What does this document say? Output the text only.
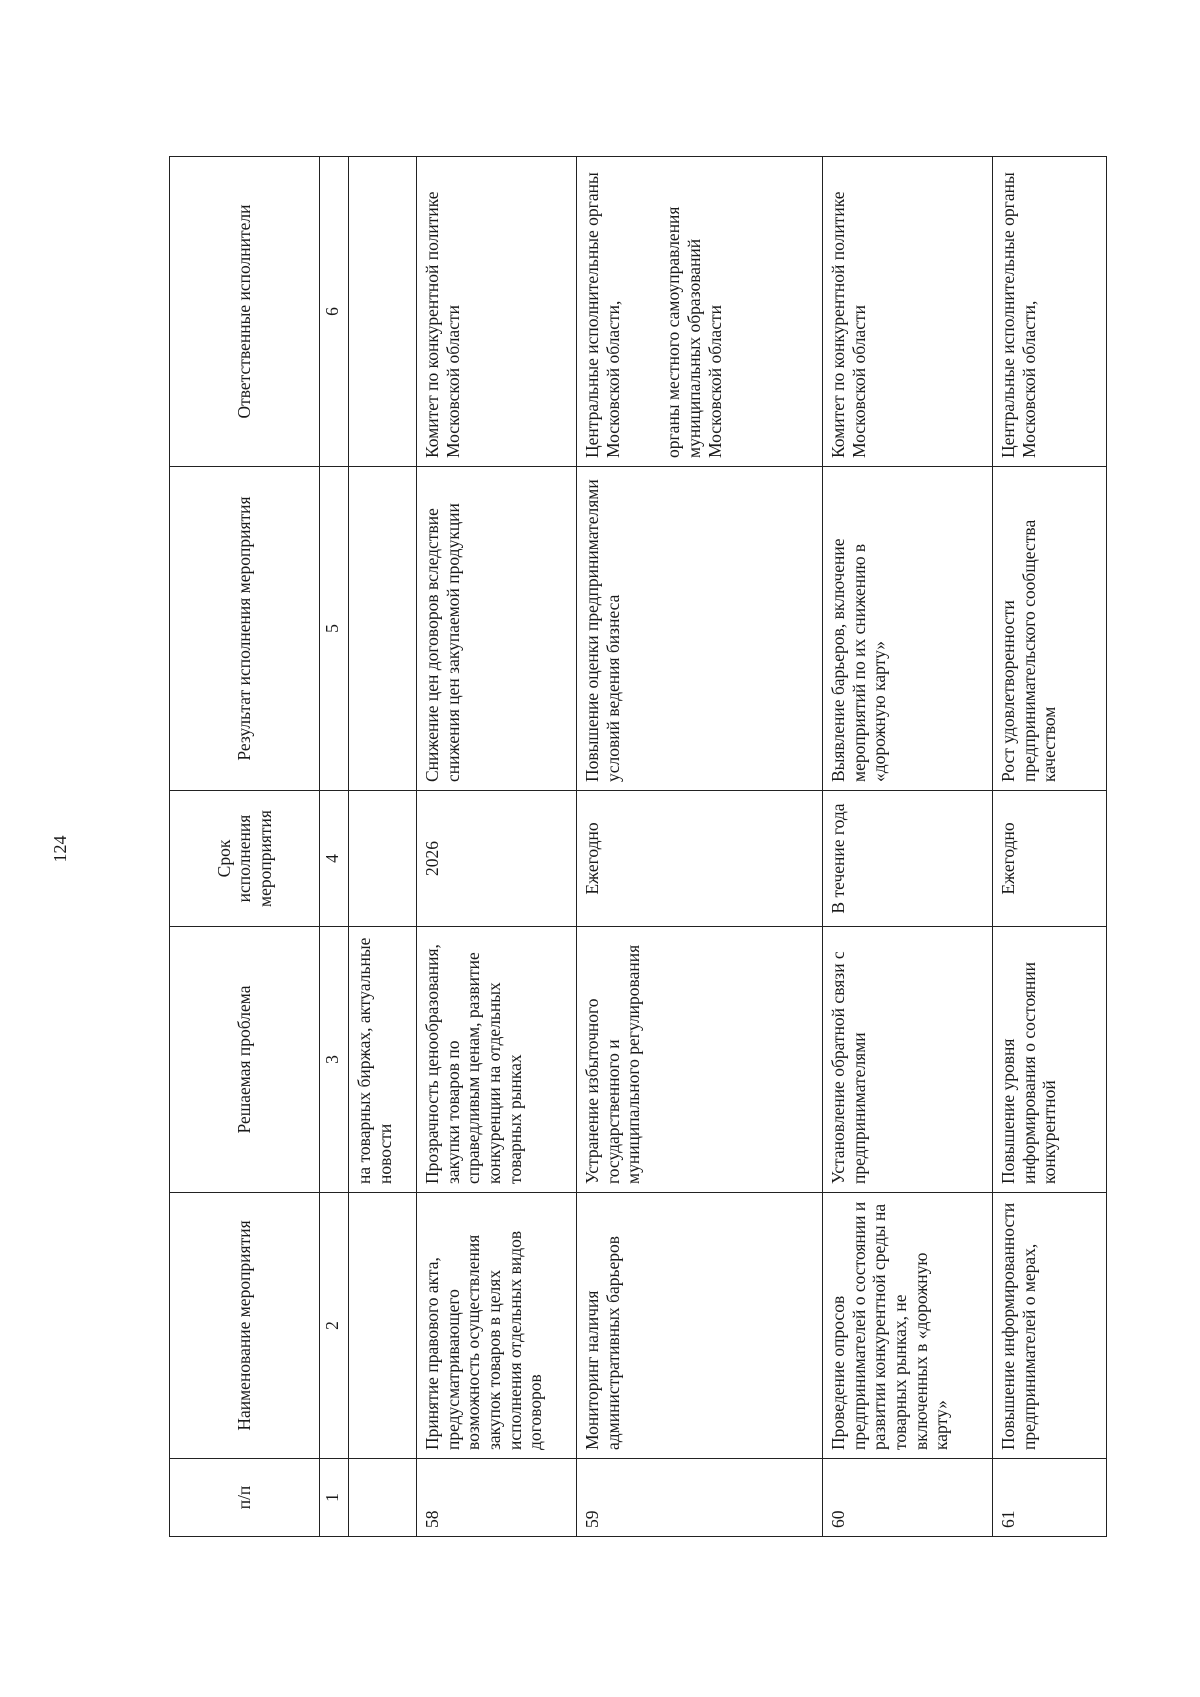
124
п/п	Наименование мероприятия	Решаемая проблема	Срок исполнения мероприятия	Результат исполнения мероприятия	Ответственные исполнители
1	2	3	4	5	6
		на товарных биржах, актуальные новости			
58	Принятие правового акта, предусматривающего возможность осуществления закупок товаров в целях исполнения отдельных видов договоров	Прозрачность ценообразования, закупки товаров по справедливым ценам, развитие конкуренции на отдельных товарных рынках	2026	Снижение цен договоров вследствие снижения цен закупаемой продукции	Комитет по конкурентной политике Московской области
59	Мониторинг наличия административных барьеров	Устранение избыточного государственного и муниципального регулирования	Ежегодно	Повышение оценки предпринимателями условий ведения бизнеса	Центральные исполнительные органы Московской области, органы местного самоуправления муниципальных образований Московской области
60	Проведение опросов предпринимателей о состоянии и развитии конкурентной среды на товарных рынках, не включенных в «дорожную карту»	Установление обратной связи с предпринимателями	В течение года	Выявление барьеров, включение мероприятий по их снижению в «дорожную карту»	Комитет по конкурентной политике Московской области
61	Повышение информированности предпринимателей о мерах,	Повышение уровня информирования о состоянии конкурентной	Ежегодно	Рост удовлетворенности предпринимательского сообщества качеством	Центральные исполнительные органы Московской области,
